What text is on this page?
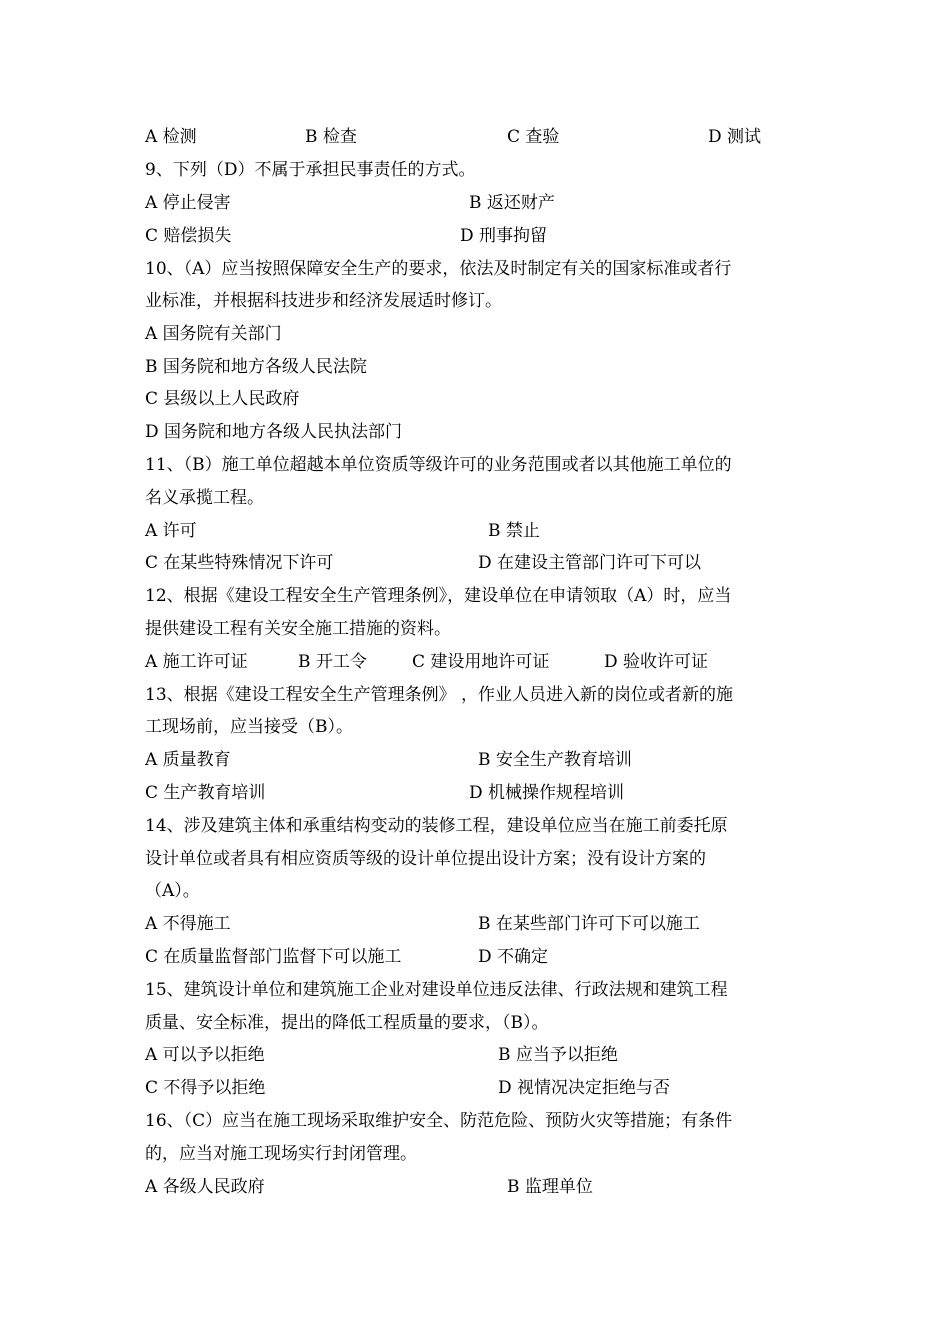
A 检测	B 检查	C 查验	D 测试
9、下列（D）不属于承担民事责任的方式。
A 停止侵害	B 返还财产
C 赔偿损失	D 刑事拘留
10、（A）应当按照保障安全生产的要求，依法及时制定有关的国家标准或者行
业标准，并根据科技进步和经济发展适时修订。
A 国务院有关部门
B 国务院和地方各级人民法院
C 县级以上人民政府
D 国务院和地方各级人民执法部门
11、（B）施工单位超越本单位资质等级许可的业务范围或者以其他施工单位的
名义承揽工程。
A 许可	B 禁止
C 在某些特殊情况下许可	D 在建设主管部门许可下可以
12、根据《建设工程安全生产管理条例》，建设单位在申请领取（A）时，应当
提供建设工程有关安全施工措施的资料。
A 施工许可证	B 开工令	C 建设用地许可证	D 验收许可证
13、根据《建设工程安全生产管理条例》 ，作业人员进入新的岗位或者新的施
工现场前，应当接受（B）。
A 质量教育	B 安全生产教育培训
C 生产教育培训	D 机械操作规程培训
14、涉及建筑主体和承重结构变动的装修工程，建设单位应当在施工前委托原
设计单位或者具有相应资质等级的设计单位提出设计方案；没有设计方案的
（A）。
A 不得施工	B 在某些部门许可下可以施工
C 在质量监督部门监督下可以施工	D 不确定
15、建筑设计单位和建筑施工企业对建设单位违反法律、行政法规和建筑工程
质量、安全标准，提出的降低工程质量的要求，（B）。
A 可以予以拒绝	B 应当予以拒绝
C 不得予以拒绝	D 视情况决定拒绝与否
16、（C）应当在施工现场采取维护安全、防范危险、预防火灾等措施；有条件
的，应当对施工现场实行封闭管理。
A 各级人民政府	B 监理单位
